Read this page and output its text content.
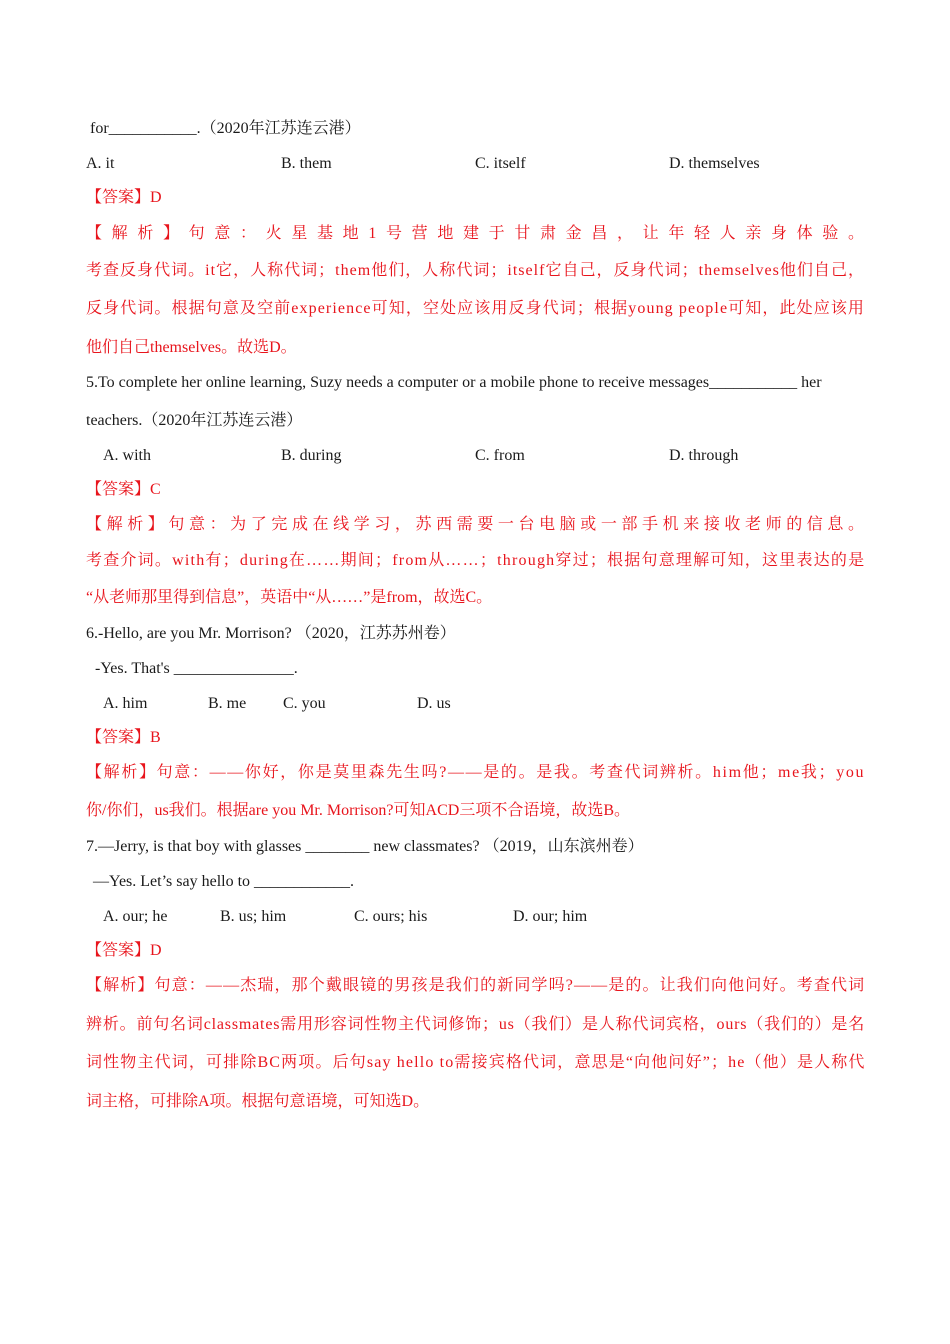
for___________.（2020年江苏连云港）
A. it	B. them	C. itself	D. themselves
【答案】D
【解析】句意：火星基地1号营地建于甘肃金昌，让年轻人亲身体验。
考查反身代词。it它，人称代词；them他们，人称代词；itself它自己，反身代词；themselves他们自己，
反身代词。根据句意及空前experience可知，空处应该用反身代词；根据young people可知，此处应该用
他们自己themselves。故选D。
5.To complete her online learning, Suzy needs a computer or a mobile phone to receive messages___________ her
teachers.（2020年江苏连云港）
A. with	B. during	C. from	D. through
【答案】C
【解析】句意：为了完成在线学习，苏西需要一台电脑或一部手机来接收老师的信息。
考查介词。with有；during在……期间；from从……；through穿过；根据句意理解可知，这里表达的是
“从老师那里得到信息”，英语中“从……”是from，故选C。
6.-Hello, are you Mr. Morrison? （2020，江苏苏州卷）
-Yes. That's _______________.
A. him	B. me C. you	D. us
【答案】B
【解析】句意：——你好，你是莫里森先生吗?——是的。是我。考查代词辨析。him他；me我；you
你/你们，us我们。根据are you Mr. Morrison?可知ACD三项不合语境，故选B。
7.—Jerry, is that boy with glasses ________ new classmates? （2019，山东滨州卷）
—Yes. Let’s say hello to ____________.
A. our; he	B. us; him	C. ours; his	D. our; him
【答案】D
【解析】句意：——杰瑞，那个戴眼镜的男孩是我们的新同学吗?——是的。让我们向他问好。考查代词
辨析。前句名词classmates需用形容词性物主代词修饰；us（我们）是人称代词宾格，ours（我们的）是名
词性物主代词，可排除BC两项。后句say hello to需接宾格代词，意思是“向他问好”；he（他）是人称代
词主格，可排除A项。根据句意语境，可知选D。
